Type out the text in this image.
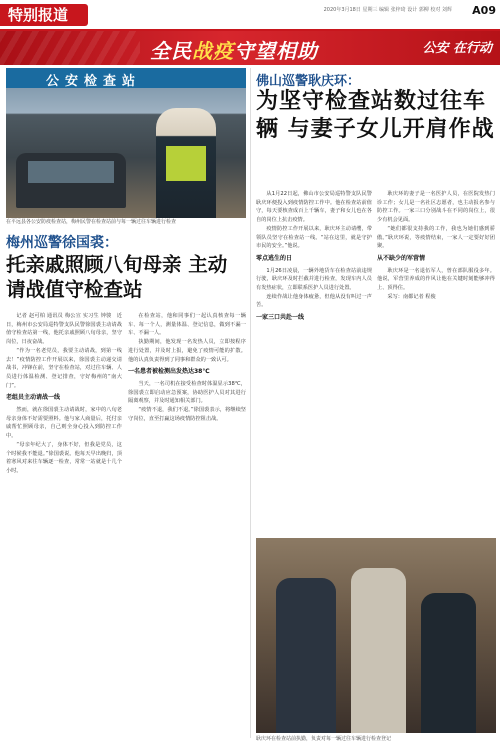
特别报道	2020年3月18日 星期三 编辑 张梓琦 设计 郭柳 校对 刘辉 A09
全民战疫守望相助	公安 在行动
公安检查站
在平远县各公安防疫检查站，梅州民警在检查站前与每一辆过往车辆进行检查
梅州巡警徐国裘：
托亲戚照顾八旬母亲 主动请战值守检查站

记者 赵可柏 通讯员 梅公宣 实习生 钟骏　近日，梅州市公安局巡特警支队民警徐国裘主动请战值守检查站第一线，他托亲戚照顾八旬母亲，坚守岗位，日夜奋战。

“作为一名老党员，我要主动请战，到第一线去！”疫情防控工作开展以来，徐国裘主动递交请战书，冲锋在前，坚守在检查站，对过往车辆、人员进行体温检测、登记排查，守好梅州的“南大门”。

老组员主动请战一线

然而，就在徐国裘主动请战时，家中的八旬老母亲身体不好需要照料。他与家人商量后，托付亲戚帮忙照顾母亲，自己则全身心投入到防控工作中。

“母亲年纪大了，身体不好，但我是党员，这个时候我不能退。”徐国裘说。他每天早出晚归，顶着寒风对来往车辆逐一检查，常常一站就是十几个小时。

在检查站，他和同事们一起认真核查每一辆车、每一个人，测量体温、登记信息，做到不漏一车、不漏一人。

执勤期间，他发现一名发热人员，立即按程序进行处置，并及时上报，避免了疫情可能的扩散。他的认真负责得到了同事和群众的一致认可。

一名患者被检测出发热达38℃

当天，一名司机在接受检查时体温显示38℃，徐国裘立即启动应急预案，协助医护人员对其进行隔离观察，并及时通知相关部门。

“疫情不退，我们不退。”徐国裘表示，将继续坚守岗位，直至打赢这场疫情防控阻击战。

佛山巡警耿庆环：
为坚守检查站数过往车辆 与妻子女儿开肩作战

从1月22日起，佛山市公安局巡特警支队民警耿庆环便投入到疫情防控工作中。他在检查站前值守，每天要核查成百上千辆车，妻子和女儿也在各自的岗位上抗击疫情。

疫情防控工作开展以来，耿庆环主动请缨，带领队员坚守在检查站一线。“站在这里，就是守护市民的安全。”他说。

零点逃生的日

1月26日凌晨，一辆外地货车在检查站前违规行驶，耿庆环及时拦截并进行检查，发现车内人员有发热症状，立即联系医护人员进行处置。

连续作战让他身体疲惫，但他从没有叫过一声苦。

一家三口共赴一线

耿庆环的妻子是一名医护人员，在医院发热门诊工作；女儿是一名社区志愿者，也主动报名参与防控工作。一家三口分别战斗在不同的岗位上，很少有机会见面。

“她们都很支持我的工作，我也为她们感到骄傲。”耿庆环说，等疫情结束，一家人一定要好好团聚。

从不缺少的军营情

耿庆环是一名退伍军人，曾在部队服役多年。他说，军营里养成的作风让他在关键时刻能够冲得上、顶得住。

采写：南都记者 程俊

耿庆环在检查站前执勤，负责对每一辆过往车辆进行检查登记
